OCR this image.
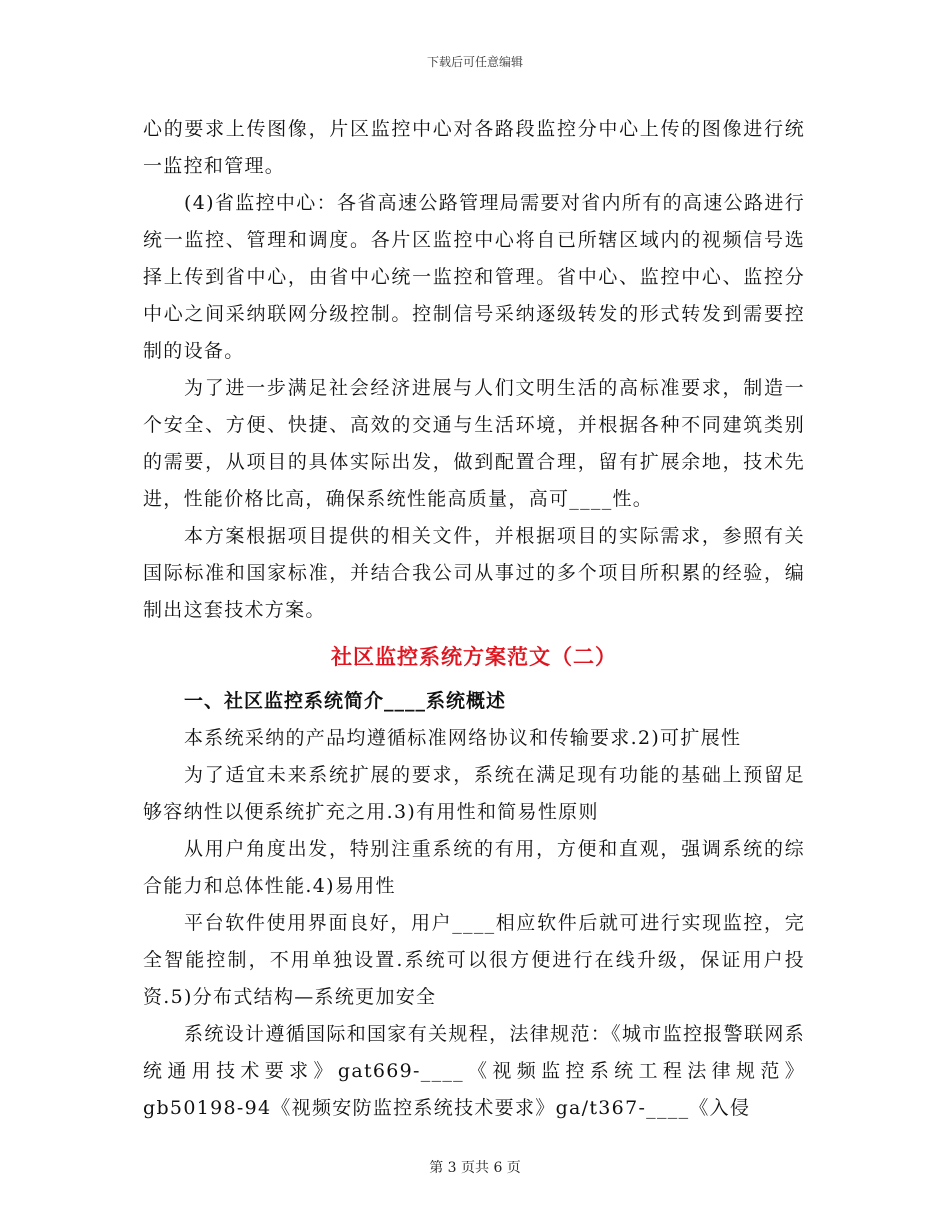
下载后可任意编辑

心的要求上传图像，片区监控中心对各路段监控分中心上传的图像进行统一监控和管理。

(4)省监控中心：各省高速公路管理局需要对省内所有的高速公路进行统一监控、管理和调度。各片区监控中心将自已所辖区域内的视频信号选择上传到省中心，由省中心统一监控和管理。省中心、监控中心、监控分中心之间采纳联网分级控制。控制信号采纳逐级转发的形式转发到需要控制的设备。

为了进一步满足社会经济进展与人们文明生活的高标准要求，制造一个安全、方便、快捷、高效的交通与生活环境，并根据各种不同建筑类别的需要，从项目的具体实际出发，做到配置合理，留有扩展余地，技术先进，性能价格比高，确保系统性能高质量，高可____性。

本方案根据项目提供的相关文件，并根据项目的实际需求，参照有关国际标准和国家标准，并结合我公司从事过的多个项目所积累的经验，编制出这套技术方案。

社区监控系统方案范文（二）

一、社区监控系统简介____系统概述

本系统采纳的产品均遵循标准网络协议和传输要求.2)可扩展性

为了适宜未来系统扩展的要求，系统在满足现有功能的基础上预留足够容纳性以便系统扩充之用.3)有用性和简易性原则

从用户角度出发，特别注重系统的有用，方便和直观，强调系统的综合能力和总体性能.4)易用性

平台软件使用界面良好，用户____相应软件后就可进行实现监控，完全智能控制，不用单独设置.系统可以很方便进行在线升级，保证用户投资.5)分布式结构—系统更加安全

系统设计遵循国际和国家有关规程，法律规范：《城市监控报警联网系统通用技术要求》gat669-____《视频监控系统工程法律规范》gb50198-94《视频安防监控系统技术要求》ga/t367-____《入侵

第 3 页共 6 页
